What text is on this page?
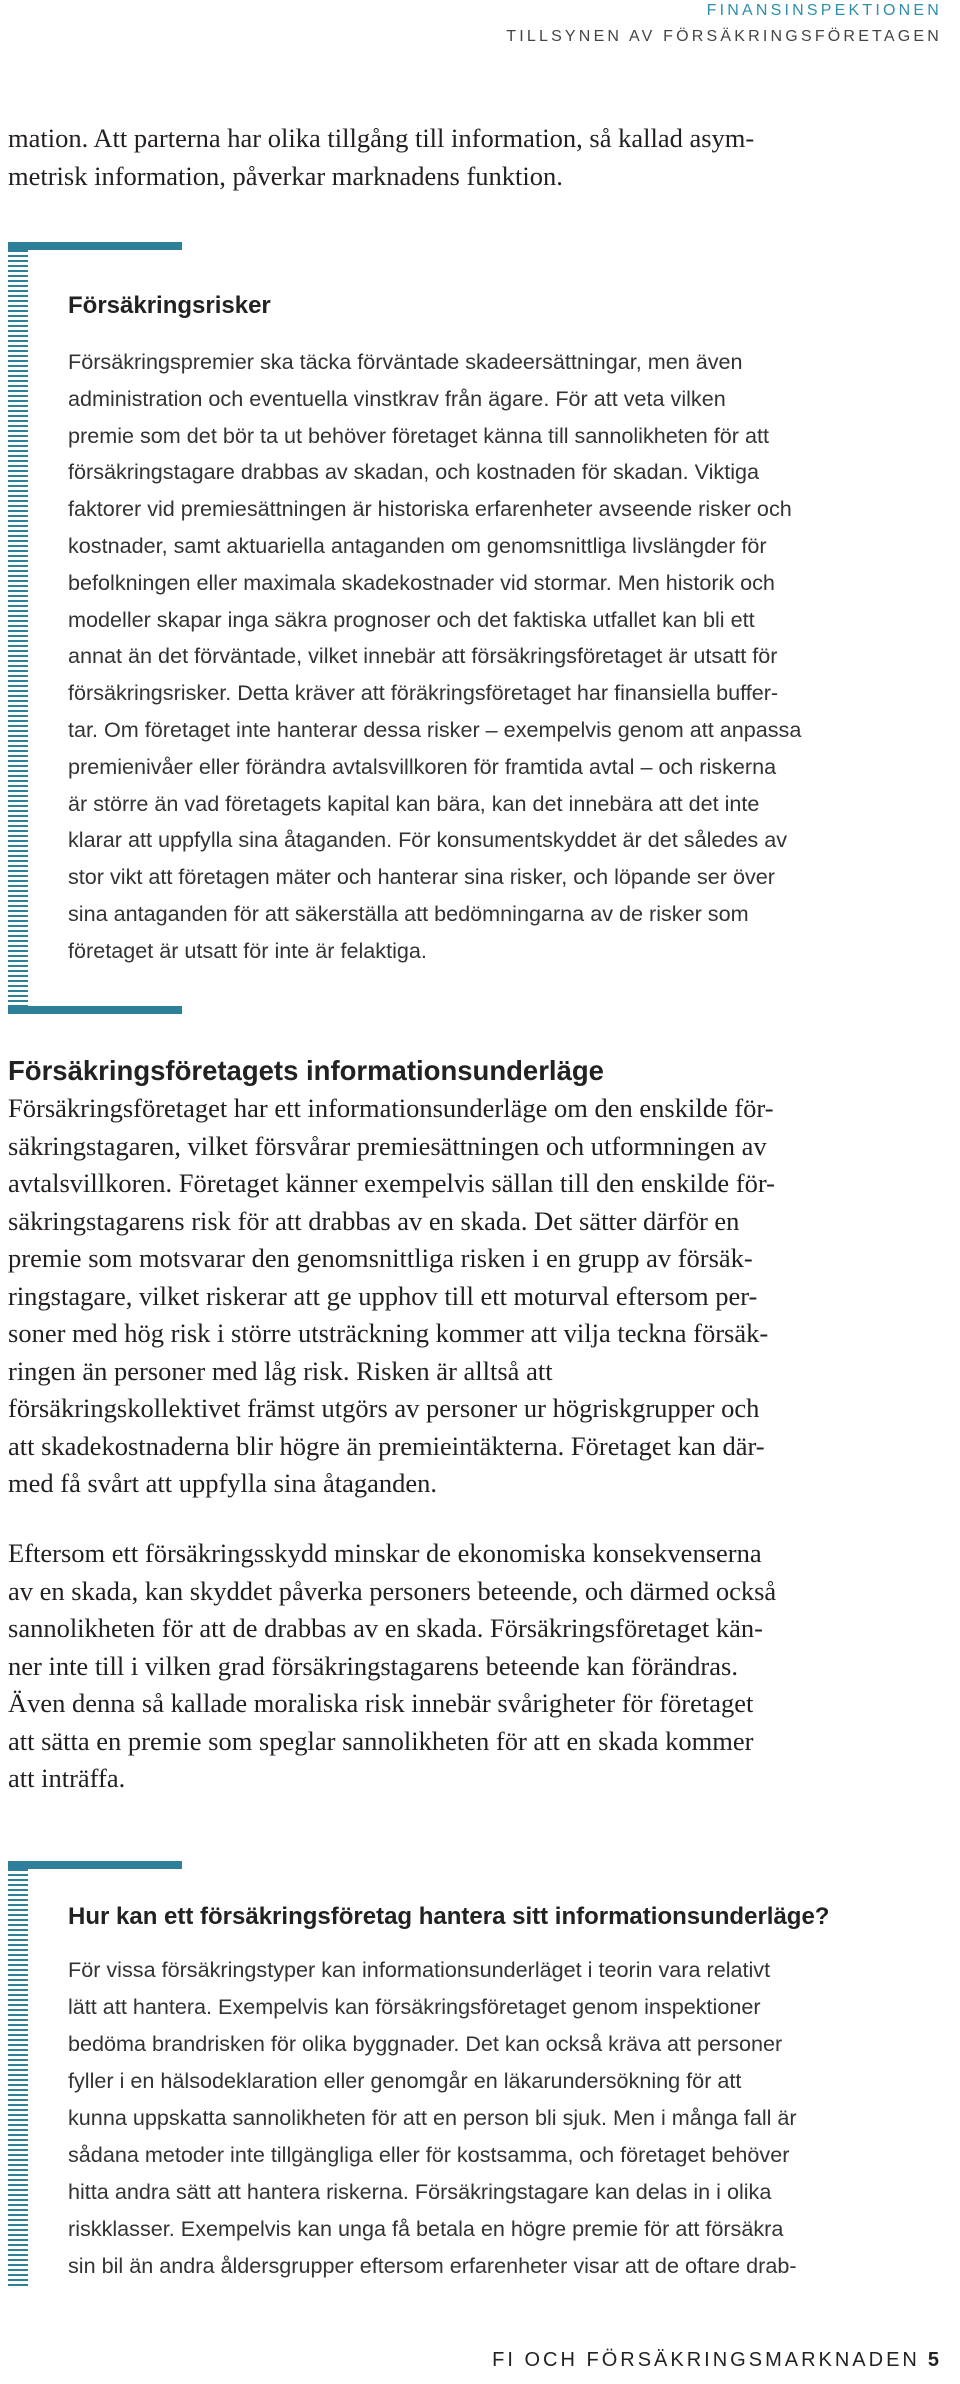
FINANSINSPEKTIONEN
TILLSYNEN AV FÖRSÄKRINGSFÖRETAGEN
mation. Att parterna har olika tillgång till information, så kallad asym-
metrisk information, påverkar marknadens funktion.
Försäkringsrisker
Försäkringspremier ska täcka förväntade skadeersättningar, men även
administration och eventuella vinstkrav från ägare. För att veta vilken
premie som det bör ta ut behöver företaget känna till sannolikheten för att
försäkringstagare drabbas av skadan, och kostnaden för skadan. Viktiga
faktorer vid premiesättningen är historiska erfarenheter avseende risker och
kostnader, samt aktuariella antaganden om genomsnittliga livslängder för
befolkningen eller maximala skadekostnader vid stormar. Men historik och
modeller skapar inga säkra prognoser och det faktiska utfallet kan bli ett
annat än det förväntade, vilket innebär att försäkringsföretaget är utsatt för
försäkringsrisker. Detta kräver att föräkringsföretaget har finansiella buffer-
tar. Om företaget inte hanterar dessa risker – exempelvis genom att anpassa
premienivåer eller förändra avtalsvillkoren för framtida avtal – och riskerna
är större än vad företagets kapital kan bära, kan det innebära att det inte
klarar att uppfylla sina åtaganden. För konsumentskyddet är det således av
stor vikt att företagen mäter och hanterar sina risker, och löpande ser över
sina antaganden för att säkerställa att bedömningarna av de risker som
företaget är utsatt för inte är felaktiga.
Försäkringsföretagets informationsunderläge
Försäkringsföretaget har ett informationsunderläge om den enskilde för-
säkringstagaren, vilket försvårar premiesättningen och utformningen av
avtalsvillkoren. Företaget känner exempelvis sällan till den enskilde för-
säkringstagarens risk för att drabbas av en skada. Det sätter därför en
premie som motsvarar den genomsnittliga risken i en grupp av försäk-
ringstagare, vilket riskerar att ge upphov till ett moturval eftersom per-
soner med hög risk i större utsträckning kommer att vilja teckna försäk-
ringen än personer med låg risk. Risken är alltså att
försäkringskollektivet främst utgörs av personer ur högriskgrupper och
att skadekostnaderna blir högre än premieintäkterna. Företaget kan där-
med få svårt att uppfylla sina åtaganden.
Eftersom ett försäkringsskydd minskar de ekonomiska konsekvenserna
av en skada, kan skyddet påverka personers beteende, och därmed också
sannolikheten för att de drabbas av en skada. Försäkringsföretaget kän-
ner inte till i vilken grad försäkringstagarens beteende kan förändras.
Även denna så kallade moraliska risk innebär svårigheter för företaget
att sätta en premie som speglar sannolikheten för att en skada kommer
att inträffa.
Hur kan ett försäkringsföretag hantera sitt informationsunderläge?
För vissa försäkringstyper kan informationsunderläget i teorin vara relativt
lätt att hantera. Exempelvis kan försäkringsföretaget genom inspektioner
bedöma brandrisken för olika byggnader. Det kan också kräva att personer
fyller i en hälsodeklaration eller genomgår en läkarundersökning för att
kunna uppskatta sannolikheten för att en person bli sjuk. Men i många fall är
sådana metoder inte tillgängliga eller för kostsamma, och företaget behöver
hitta andra sätt att hantera riskerna. Försäkringstagare kan delas in i olika
riskklasser. Exempelvis kan unga få betala en högre premie för att försäkra
sin bil än andra åldersgrupper eftersom erfarenheter visar att de oftare drab-
FI OCH FÖRSÄKRINGSMARKNADEN 5
